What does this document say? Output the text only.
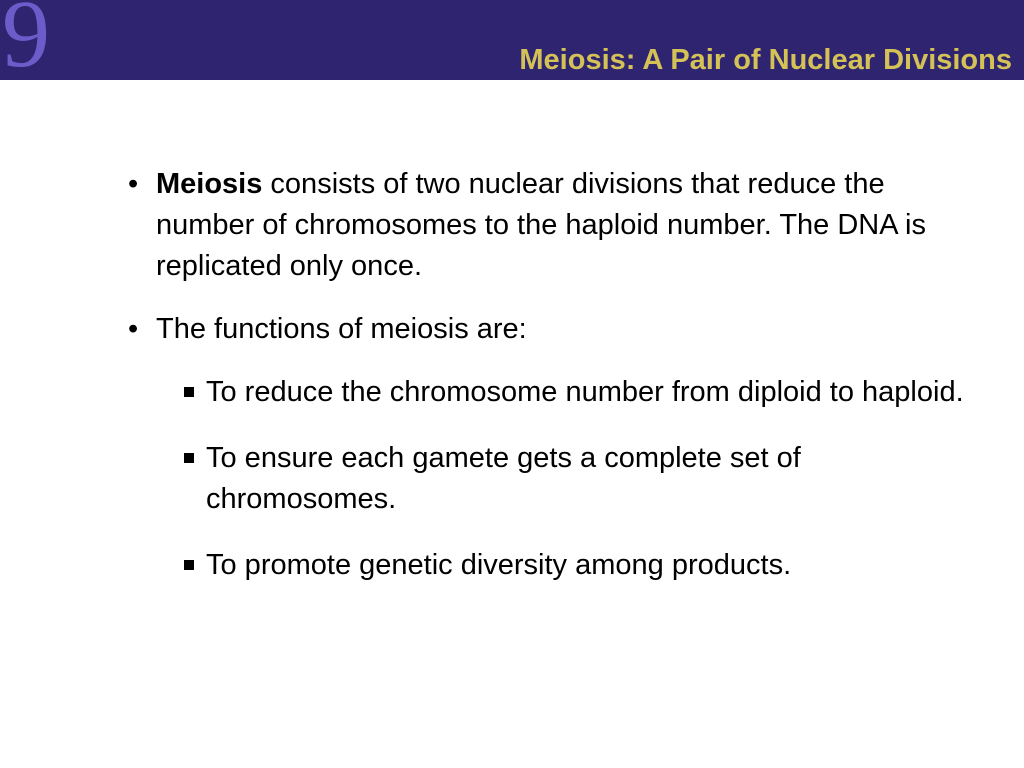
9	Meiosis: A Pair of Nuclear Divisions
• Meiosis consists of two nuclear divisions that reduce the number of chromosomes to the haploid number. The DNA is replicated only once.
• The functions of meiosis are:
To reduce the chromosome number from diploid to haploid.
To ensure each gamete gets a complete set of chromosomes.
To promote genetic diversity among products.
